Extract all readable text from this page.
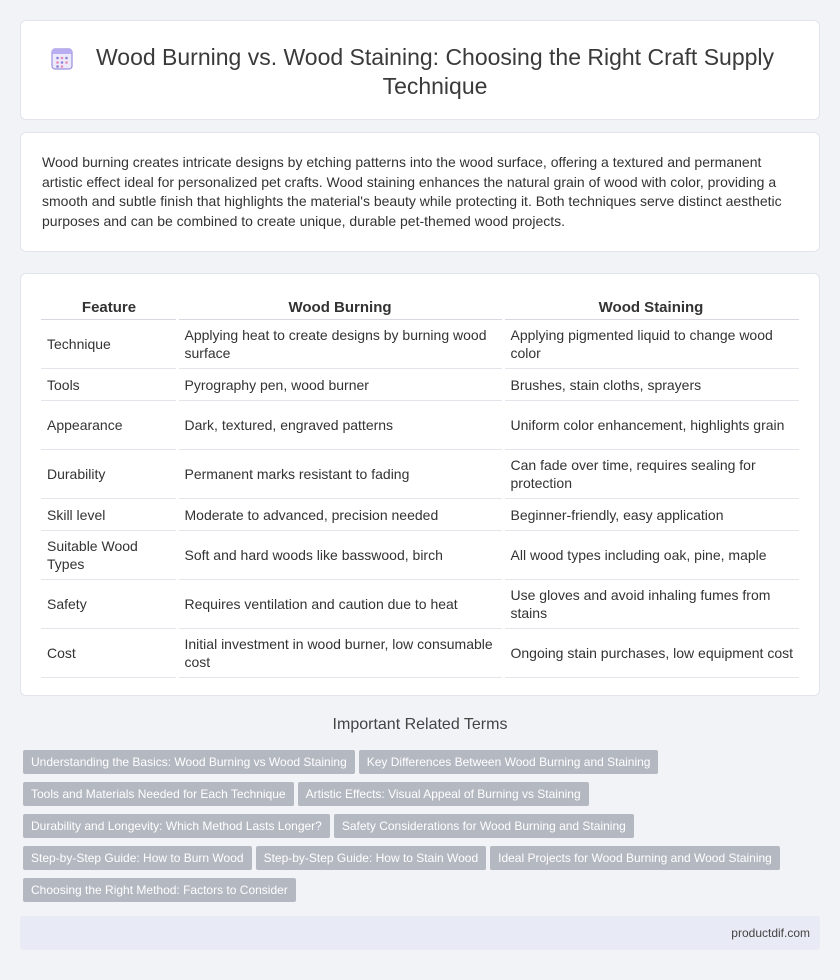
Wood Burning vs. Wood Staining: Choosing the Right Craft Supply Technique

Wood burning creates intricate designs by etching patterns into the wood surface, offering a textured and permanent artistic effect ideal for personalized pet crafts. Wood staining enhances the natural grain of wood with color, providing a smooth and subtle finish that highlights the material's beauty while protecting it. Both techniques serve distinct aesthetic purposes and can be combined to create unique, durable pet-themed wood projects.

Feature	Wood Burning	Wood Staining
Technique	Applying heat to create designs by burning wood surface	Applying pigmented liquid to change wood color
Tools	Pyrography pen, wood burner	Brushes, stain cloths, sprayers
Appearance	Dark, textured, engraved patterns	Uniform color enhancement, highlights grain
Durability	Permanent marks resistant to fading	Can fade over time, requires sealing for protection
Skill level	Moderate to advanced, precision needed	Beginner-friendly, easy application
Suitable Wood Types	Soft and hard woods like basswood, birch	All wood types including oak, pine, maple
Safety	Requires ventilation and caution due to heat	Use gloves and avoid inhaling fumes from stains
Cost	Initial investment in wood burner, low consumable cost	Ongoing stain purchases, low equipment cost
Important Related Terms
Understanding the Basics: Wood Burning vs Wood Staining Key Differences Between Wood Burning and Staining
Tools and Materials Needed for Each Technique Artistic Effects: Visual Appeal of Burning vs Staining
Durability and Longevity: Which Method Lasts Longer? Safety Considerations for Wood Burning and Staining
Step-by-Step Guide: How to Burn Wood Step-by-Step Guide: How to Stain Wood Ideal Projects for Wood Burning and Wood Staining
Choosing the Right Method: Factors to Consider
productdif.com
